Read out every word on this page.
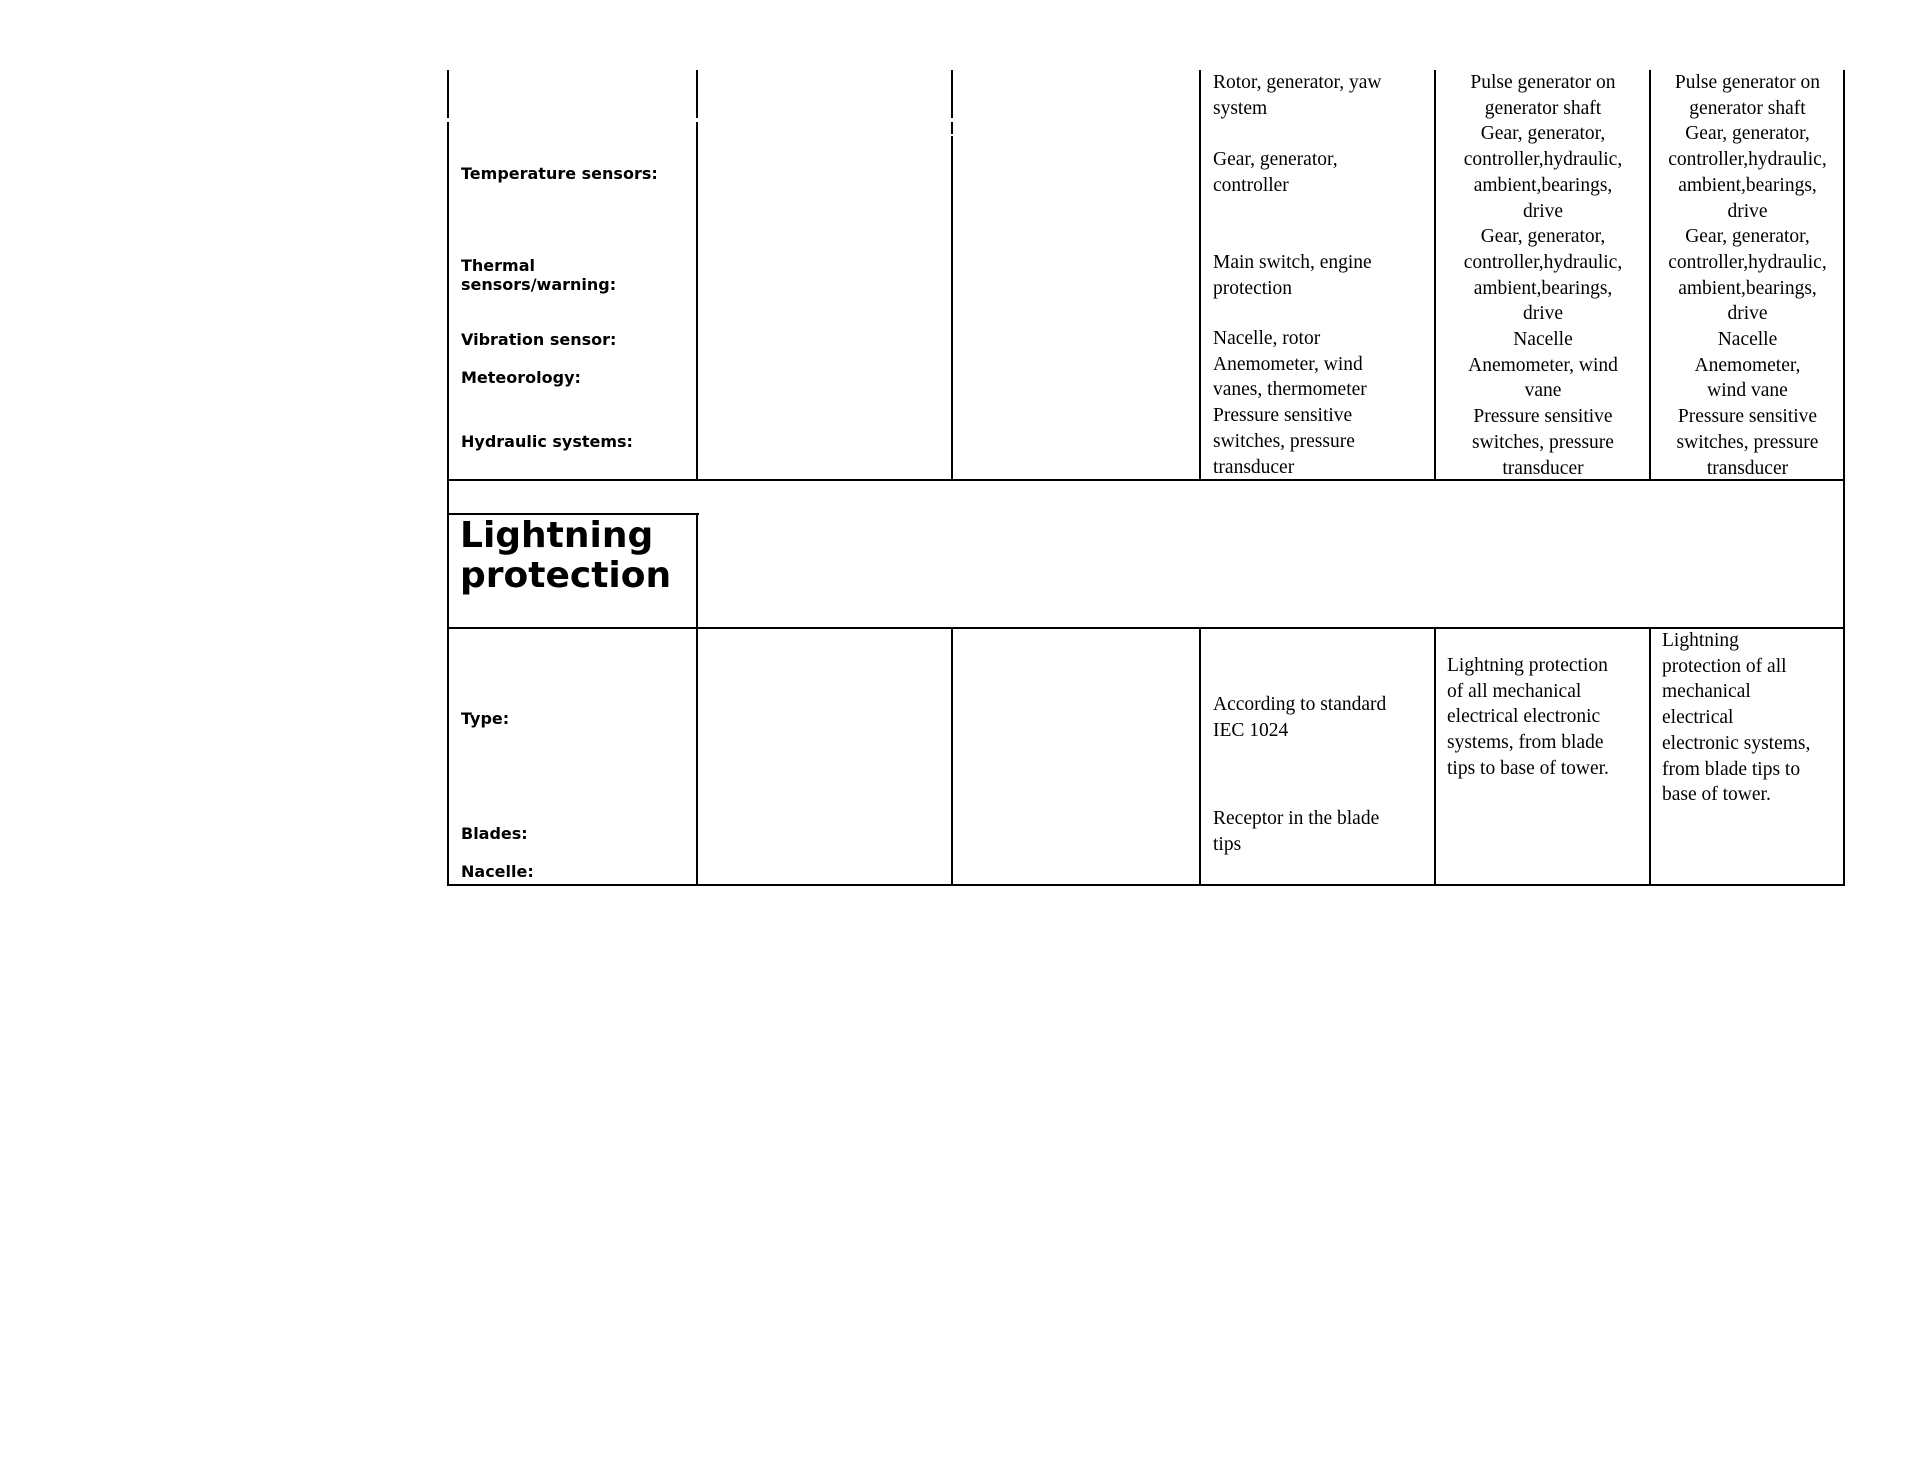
Temperature sensors:
Thermal
sensors/warning:
Vibration sensor:
Meteorology:
Hydraulic systems:
Lightning
protection
Type:
Blades:
Nacelle:
Rotor, generator, yaw
system
Gear, generator,
controller
Main switch, engine
protection
Nacelle, rotor
Anemometer, wind
vanes, thermometer
Pressure sensitive
switches, pressure
transducer
According to standard
IEC 1024
Receptor in the blade
tips
Pulse generator on
generator shaft
Gear, generator,
controller,hydraulic,
ambient,bearings,
drive
Gear, generator,
controller,hydraulic,
ambient,bearings,
drive
Nacelle
Anemometer, wind
vane
Pressure sensitive
switches, pressure
transducer
Lightning protection
of all mechanical
electrical electronic
systems, from blade
tips to base of tower.
Pulse generator on
generator shaft
Gear, generator,
controller,hydraulic,
ambient,bearings,
drive
Gear, generator,
controller,hydraulic,
ambient,bearings,
drive
Nacelle
Anemometer,
wind vane
Pressure sensitive
switches, pressure
transducer
Lightning
protection of all
mechanical
electrical
electronic systems,
from blade tips to
base of tower.
